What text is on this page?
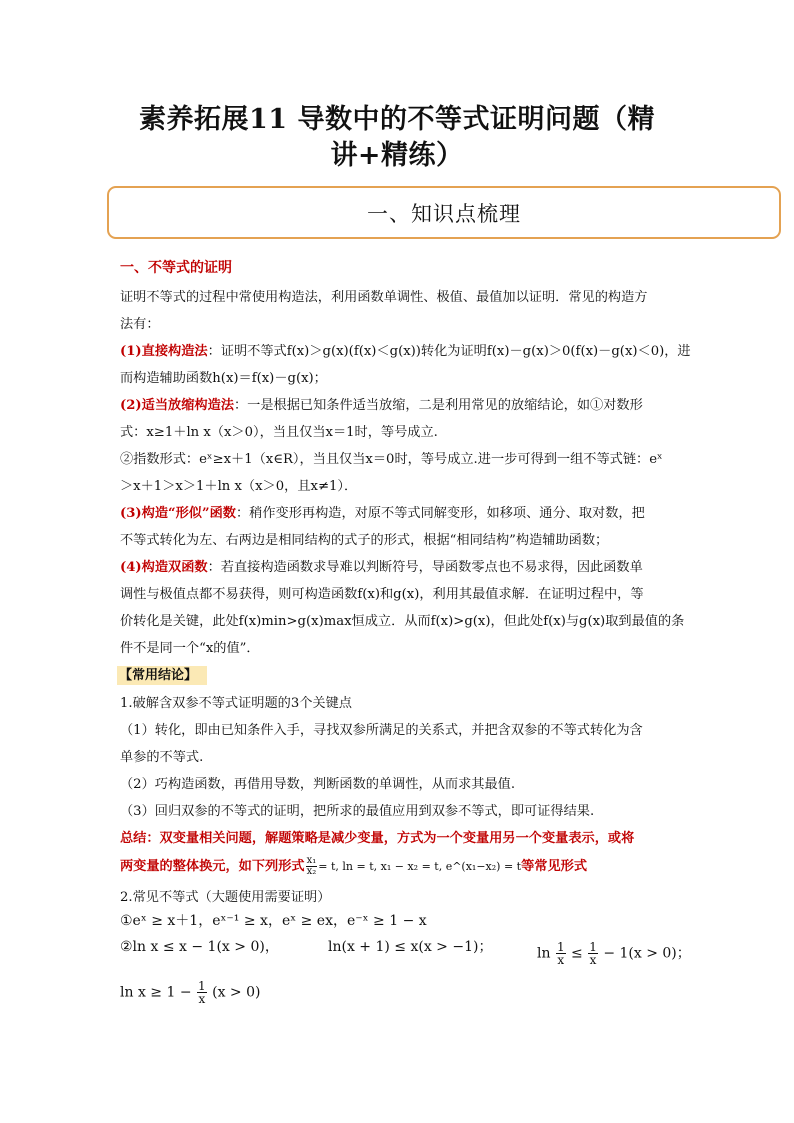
素养拓展11 导数中的不等式证明问题（精
讲+精练）
一、知识点梳理
一、不等式的证明
证明不等式的过程中常使用构造法，利用函数单调性、极值、最值加以证明．常见的构造方
法有：
(1)直接构造法：证明不等式f(x)＞g(x)(f(x)＜g(x))转化为证明f(x)－g(x)＞0(f(x)－g(x)＜0)，进
而构造辅助函数h(x)＝f(x)－g(x)；
(2)适当放缩构造法：一是根据已知条件适当放缩，二是利用常见的放缩结论，如①对数形
式：x≥1＋ln x（x＞0），当且仅当x＝1时，等号成立.
②指数形式：eˣ≥x＋1（x∈R），当且仅当x＝0时，等号成立.进一步可得到一组不等式链：eˣ
＞x＋1＞x＞1＋ln x（x＞0，且x≠1）．
(3)构造“形似”函数：稍作变形再构造，对原不等式同解变形，如移项、通分、取对数，把
不等式转化为左、右两边是相同结构的式子的形式，根据“相同结构”构造辅助函数；
(4)构造双函数：若直接构造函数求导难以判断符号，导函数零点也不易求得，因此函数单
调性与极值点都不易获得，则可构造函数f(x)和g(x)，利用其最值求解．在证明过程中，等
价转化是关键，此处f(x)min>g(x)max恒成立．从而f(x)>g(x)，但此处f(x)与g(x)取到最值的条
件不是同一个“x的值”．
【常用结论】
1.破解含双参不等式证明题的3个关键点
（1）转化，即由已知条件入手，寻找双参所满足的关系式，并把含双参的不等式转化为含
单参的不等式.
（2）巧构造函数，再借用导数，判断函数的单调性，从而求其最值.
（3）回归双参的不等式的证明，把所求的最值应用到双参不等式，即可证得结果.
总结：双变量相关问题，解题策略是减少变量，方式为一个变量用另一个变量表示，或将
两变量的整体换元，如下列形式 $\frac{\text{x₁}}{\text{x₂}} = t$, ln = t, x₁ − x₂ = t, e^(x₁−x₂) = t等常见形式
2.常见不等式（大题使用需要证明）
①eˣ ≥ x＋1，eˣ⁻¹ ≥ x，eˣ ≥ ex，e⁻ˣ ≥ 1 − x
②ln x ≤ x − 1(x > 0)，	ln(x + 1) ≤ x(x > −1)；	$\ln \frac{1}{x} \le \frac{1}{x} - 1(x > 0)$；
$\ln x \ge 1 - \frac{1}{x} (x > 0)$
